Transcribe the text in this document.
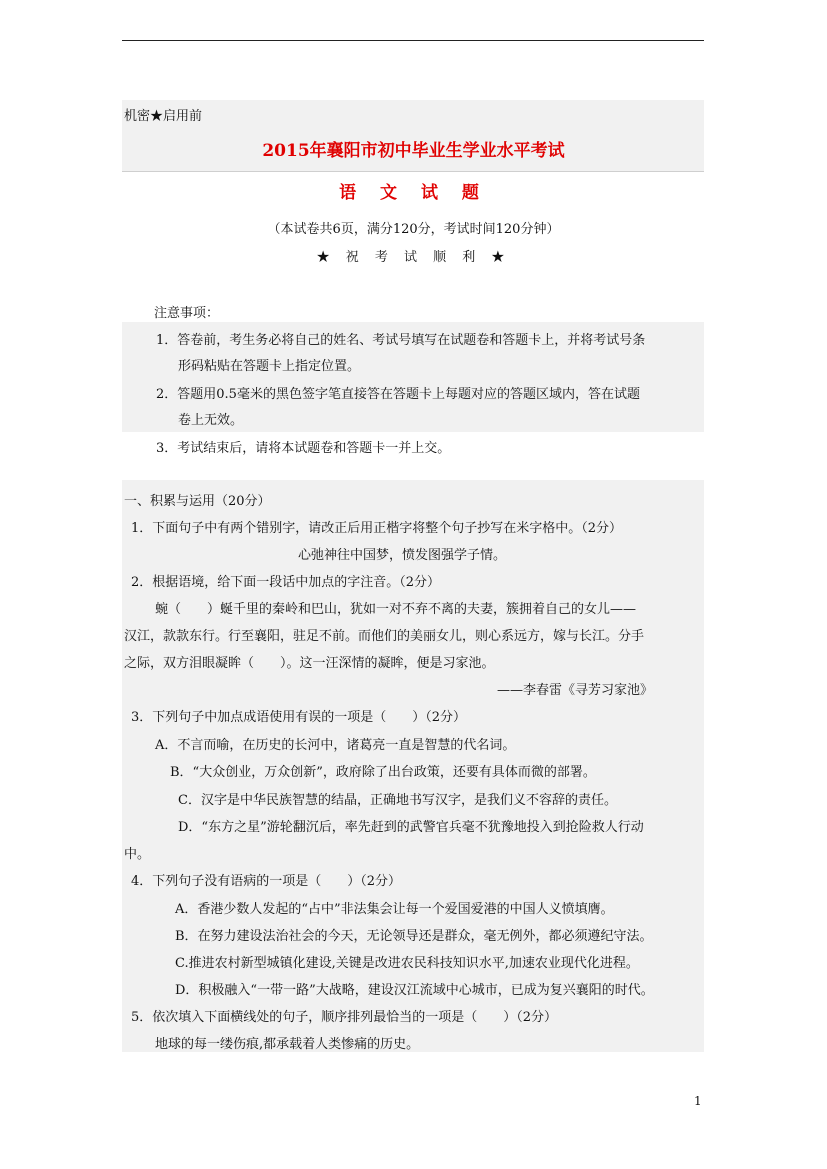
机密★启用前
2015年襄阳市初中毕业生学业水平考试
语 文 试 题
（本试卷共6页，满分120分，考试时间120分钟）
★ 祝 考 试 顺 利 ★
注意事项：
1．答卷前，考生务必将自己的姓名、考试号填写在试题卷和答题卡上，并将考试号条
形码粘贴在答题卡上指定位置。
2．答题用0.5毫米的黑色签字笔直接答在答题卡上每题对应的答题区域内，答在试题
卷上无效。
3．考试结束后，请将本试题卷和答题卡一并上交。
一、积累与运用（20分）
1．下面句子中有两个错别字，请改正后用正楷字将整个句子抄写在米字格中。（2分）
心弛神往中国梦，愤发图强学子情。
2．根据语境，给下面一段话中加点的字注音。（2分）
蜿（　　）蜒千里的秦岭和巴山，犹如一对不弃不离的夫妻，簇拥着自己的女儿——
汉江，款款东行。行至襄阳，驻足不前。而他们的美丽女儿，则心系远方，嫁与长江。分手
之际，双方泪眼凝眸（　　）。这一汪深情的凝眸，便是习家池。
——李春雷《寻芳习家池》
3．下列句子中加点成语使用有误的一项是（　　）（2分）
A．不言而喻，在历史的长河中，诸葛亮一直是智慧的代名词。
B．“大众创业，万众创新”，政府除了出台政策，还要有具体而微的部署。
C．汉字是中华民族智慧的结晶，正确地书写汉字，是我们义不容辞的责任。
D．“东方之星”游轮翻沉后，率先赶到的武警官兵毫不犹豫地投入到抢险救人行动
中。
4．下列句子没有语病的一项是（　　）（2分）
A．香港少数人发起的“占中”非法集会让每一个爱国爱港的中国人义愤填膺。
B．在努力建设法治社会的今天，无论领导还是群众，毫无例外，都必须遵纪守法。
C.推进农村新型城镇化建设,关键是改进农民科技知识水平,加速农业现代化进程。
D．积极融入“一带一路”大战略，建设汉江流域中心城市，已成为复兴襄阳的时代。
5．依次填入下面横线处的句子，顺序排列最恰当的一项是（　　）（2分）
地球的每一缕伤痕,都承载着人类惨痛的历史。
1
